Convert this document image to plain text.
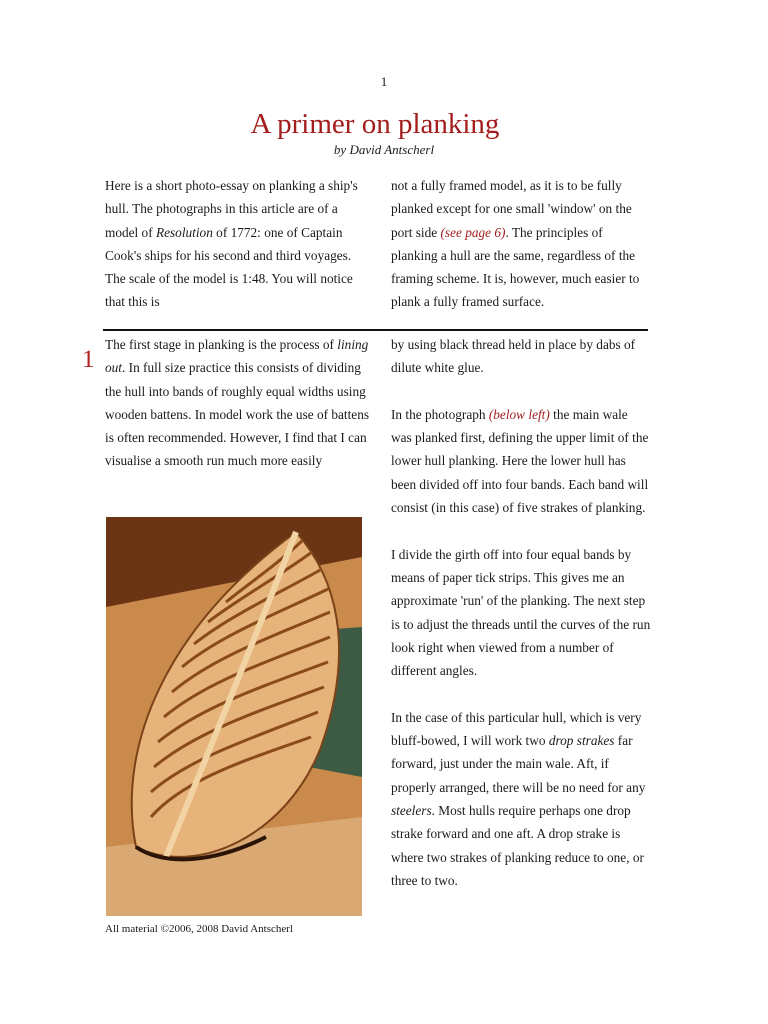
1
A primer on planking
by David Antscherl

Here is a short photo-essay on planking a ship's hull. The photographs in this article are of a model of Resolution of 1772: one of Captain Cook's ships for his second and third voyages. The scale of the model is 1:48. You will notice that this is

not a fully framed model, as it is to be fully planked except for one small 'window' on the port side (see page 6). The principles of planking a hull are the same, regardless of the framing scheme. It is, however, much easier to plank a fully framed surface.

1

The first stage in planking is the process of lining out. In full size practice this consists of dividing the hull into bands of roughly equal widths using wooden battens. In model work the use of battens is often recommended. However, I find that I can visualise a smooth run much more easily

by using black thread held in place by dabs of dilute white glue.

In the photograph (below left) the main wale was planked first, defining the upper limit of the lower hull planking. Here the lower hull has been divided off into four bands. Each band will consist (in this case) of five strakes of planking.

I divide the girth off into four equal bands by means of paper tick strips. This gives me an approximate 'run' of the planking. The next step is to adjust the threads until the curves of the run look right when viewed from a number of different angles.

In the case of this particular hull, which is very bluff-bowed, I will work two drop strakes far forward, just under the main wale. Aft, if properly arranged, there will be no need for any steelers. Most hulls require perhaps one drop strake forward and one aft. A drop strake is where two strakes of planking reduce to one, or three to two.

All material ©2006, 2008 David Antscherl
